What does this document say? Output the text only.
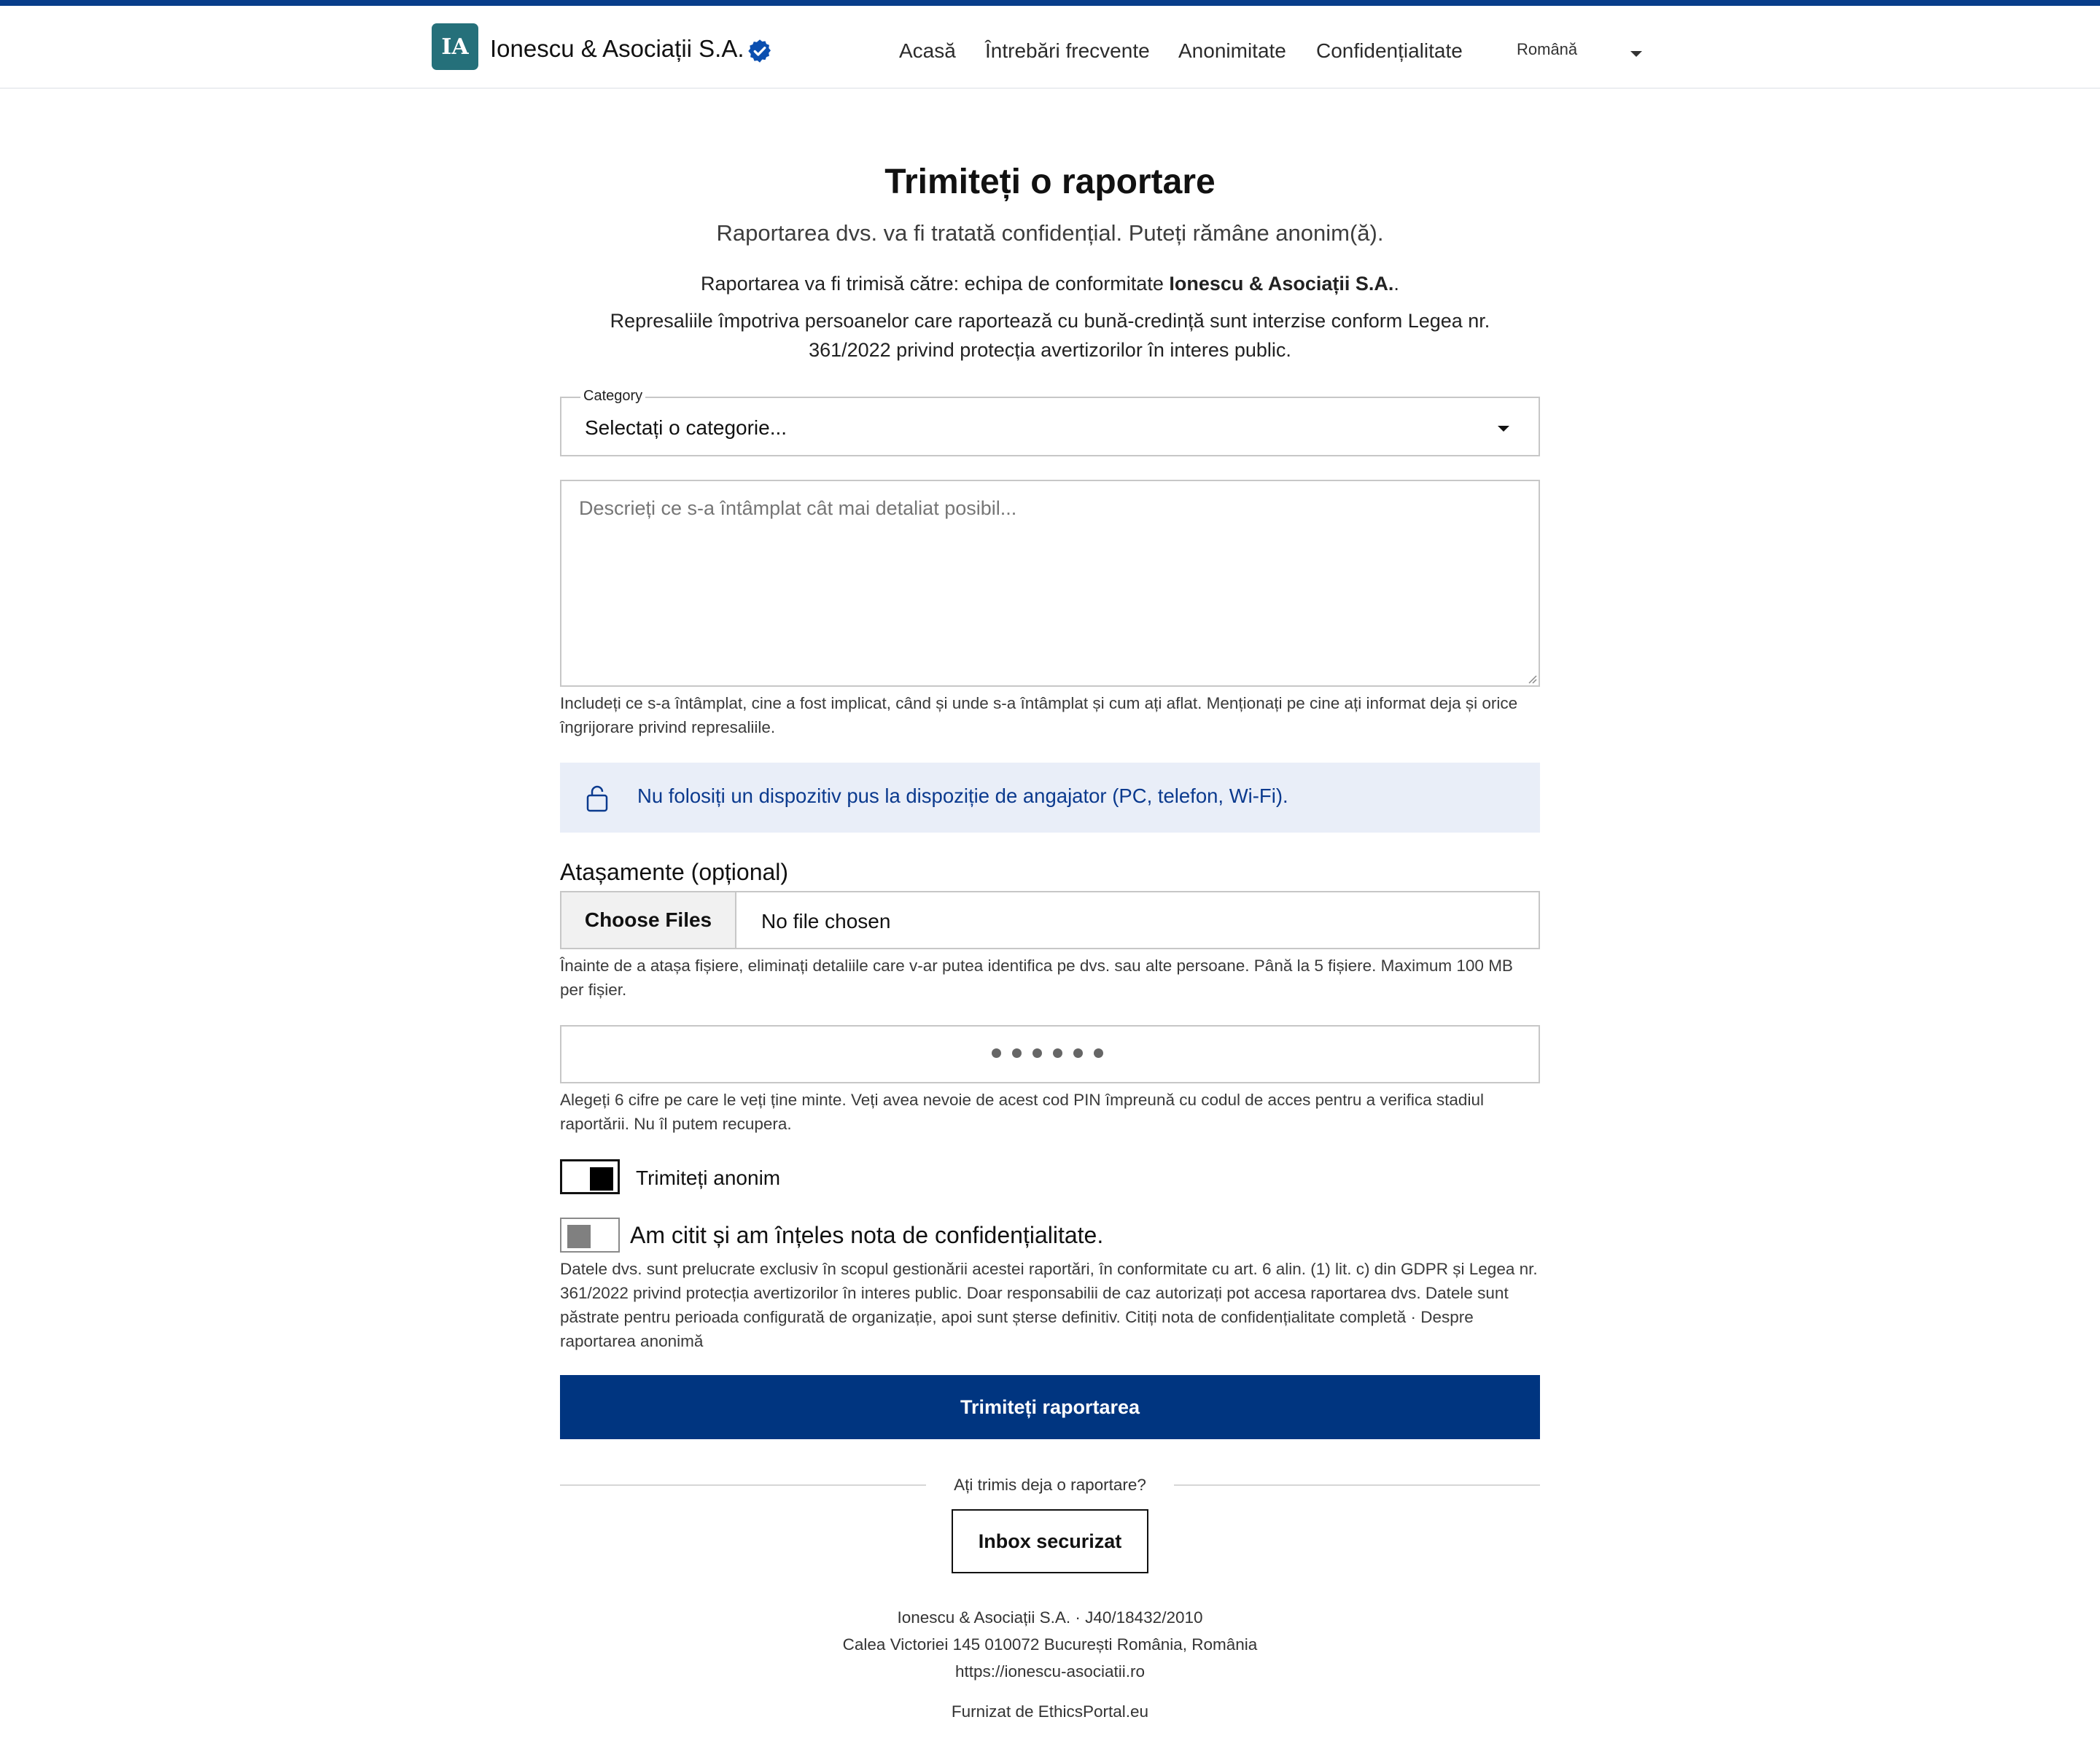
IA Ionescu & Asociații S.A.	Acasă Întrebări frecvente Anonimitate Confidențialitate	Română
Trimiteți o raportare

Raportarea dvs. va fi tratată confidențial. Puteți rămâne anonim(ă).

Raportarea va fi trimisă către: echipa de conformitate Ionescu & Asociații S.A..

Represaliile împotriva persoanelor care raportează cu bună-credință sunt interzise conform Legea nr. 361/2022 privind protecția avertizorilor în interes public.

Category
Selectați o categorie...
Descrieți ce s-a întâmplat cât mai detaliat posibil...

Includeți ce s-a întâmplat, cine a fost implicat, când și unde s-a întâmplat și cum ați aflat. Menționați pe cine ați informat deja și orice îngrijorare privind represaliile.

Nu folosiți un dispozitiv pus la dispoziție de angajator (PC, telefon, Wi-Fi).
Atașamente (opțional)
Choose Files	No file chosen

Înainte de a atașa fișiere, eliminați detaliile care v-ar putea identifica pe dvs. sau alte persoane. Până la 5 fișiere. Maximum 100 MB per fișier.

Alegeți 6 cifre pe care le veți ține minte. Veți avea nevoie de acest cod PIN împreună cu codul de acces pentru a verifica stadiul raportării. Nu îl putem recupera.

Trimiteți anonim
Am citit și am înțeles nota de confidențialitate.

Datele dvs. sunt prelucrate exclusiv în scopul gestionării acestei raportări, în conformitate cu art. 6 alin. (1) lit. c) din GDPR și Legea nr. 361/2022 privind protecția avertizorilor în interes public. Doar responsabilii de caz autorizați pot accesa raportarea dvs. Datele sunt păstrate pentru perioada configurată de organizație, apoi sunt șterse definitiv. Citiți nota de confidențialitate completă · Despre raportarea anonimă

Trimiteți raportarea
Ați trimis deja o raportare?
Inbox securizat

Ionescu & Asociații S.A. · J40/18432/2010

Calea Victoriei 145 010072 București România, România

https://ionescu-asociatii.ro
Furnizat de EthicsPortal.eu
